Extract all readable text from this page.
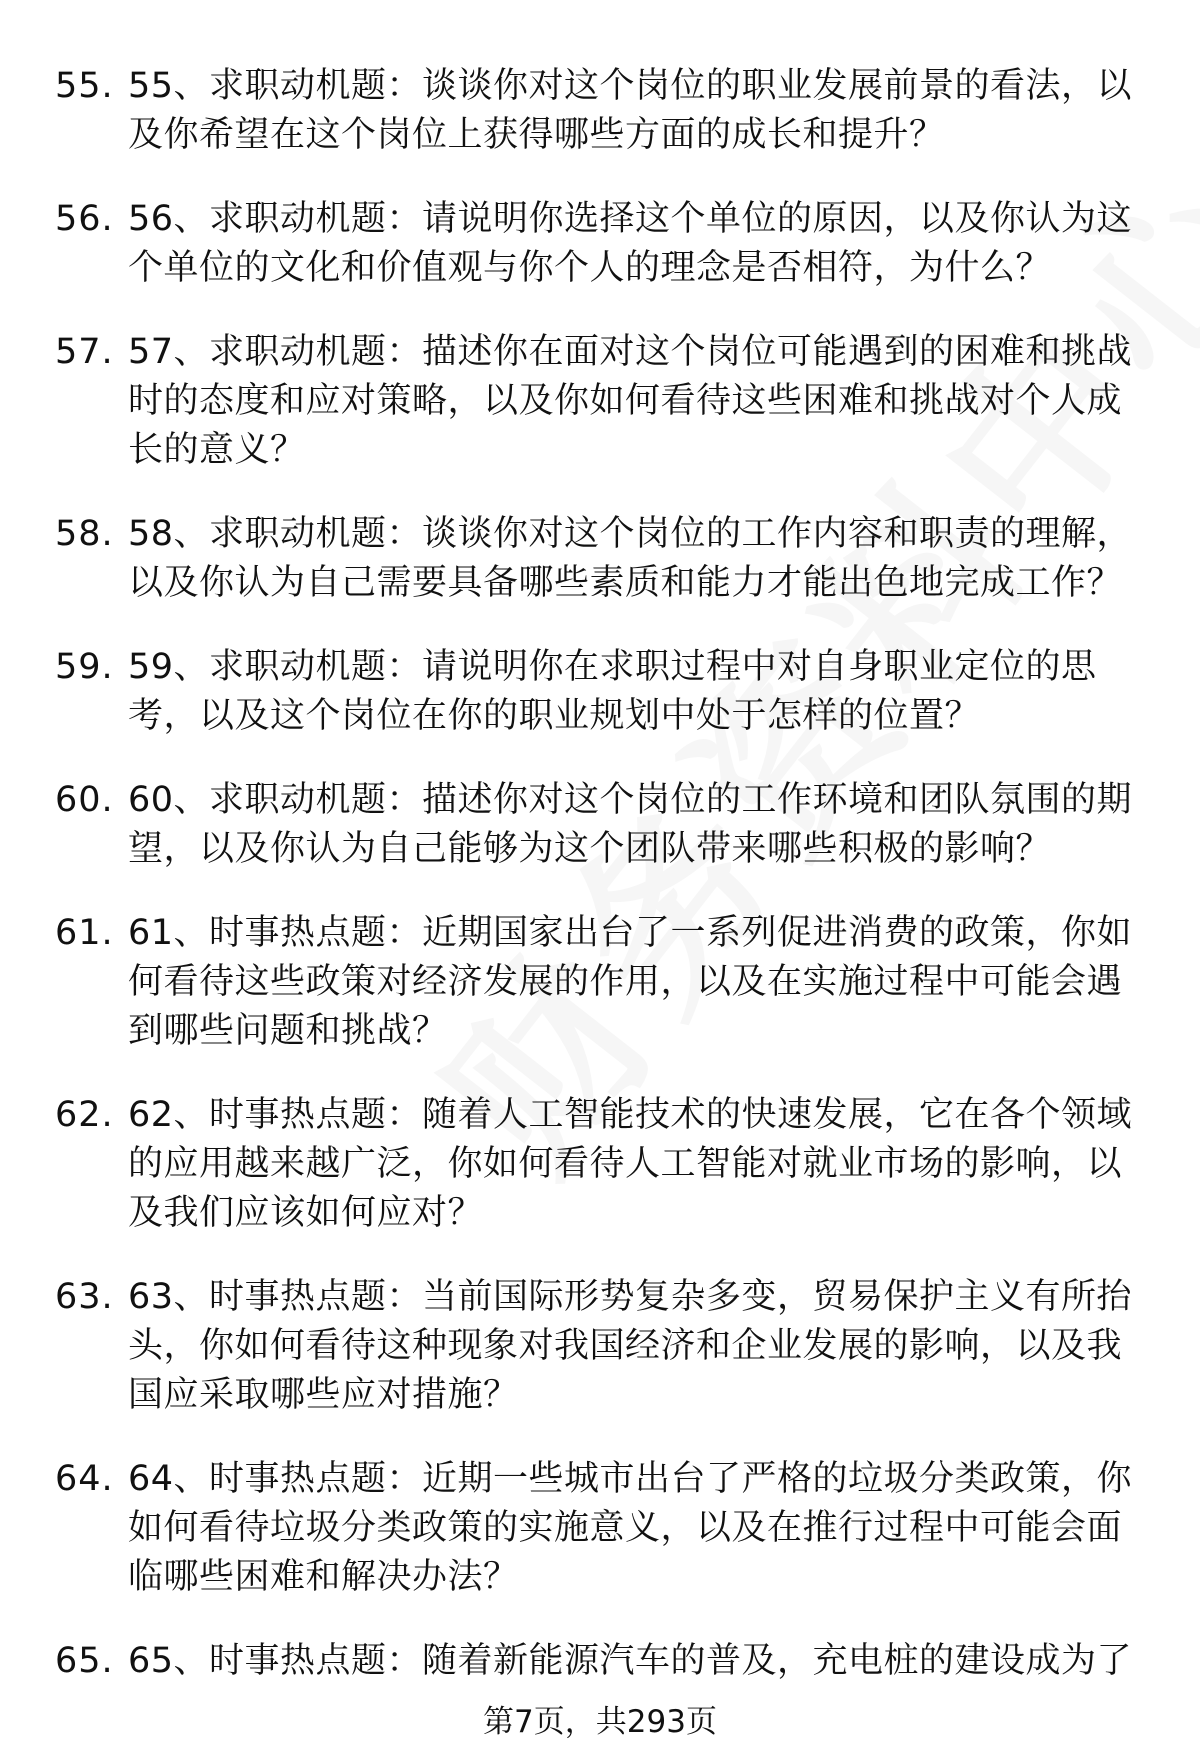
55. 55、求职动机题：谈谈你对这个岗位的职业发展前景的看法，以及你希望在这个岗位上获得哪些方面的成长和提升？
56. 56、求职动机题：请说明你选择这个单位的原因，以及你认为这个单位的文化和价值观与你个人的理念是否相符，为什么？
57. 57、求职动机题：描述你在面对这个岗位可能遇到的困难和挑战时的态度和应对策略，以及你如何看待这些困难和挑战对个人成长的意义？
58. 58、求职动机题：谈谈你对这个岗位的工作内容和职责的理解，以及你认为自己需要具备哪些素质和能力才能出色地完成工作？
59. 59、求职动机题：请说明你在求职过程中对自身职业定位的思考，以及这个岗位在你的职业规划中处于怎样的位置？
60. 60、求职动机题：描述你对这个岗位的工作环境和团队氛围的期望，以及你认为自己能够为这个团队带来哪些积极的影响？
61. 61、时事热点题：近期国家出台了一系列促进消费的政策，你如何看待这些政策对经济发展的作用，以及在实施过程中可能会遇到哪些问题和挑战？
62. 62、时事热点题：随着人工智能技术的快速发展，它在各个领域的应用越来越广泛，你如何看待人工智能对就业市场的影响，以及我们应该如何应对？
63. 63、时事热点题：当前国际形势复杂多变，贸易保护主义有所抬头，你如何看待这种现象对我国经济和企业发展的影响，以及我国应采取哪些应对措施？
64. 64、时事热点题：近期一些城市出台了严格的垃圾分类政策，你如何看待垃圾分类政策的实施意义，以及在推行过程中可能会面临哪些困难和解决办法？
65. 65、时事热点题：随着新能源汽车的普及，充电桩的建设成为了
第7页，共293页
